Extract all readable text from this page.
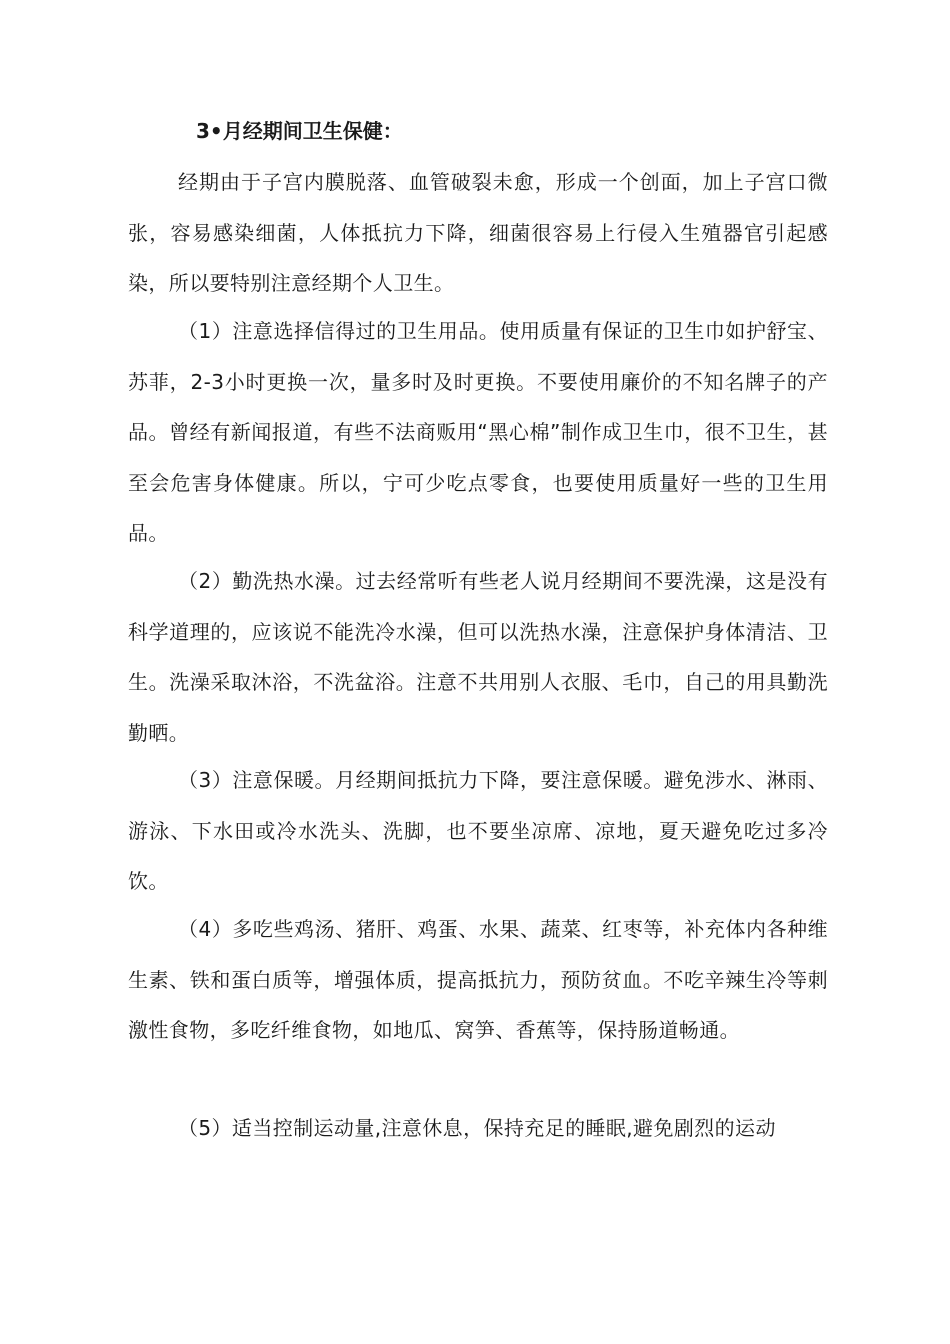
3•月经期间卫生保健：

经期由于子宫内膜脱落、血管破裂未愈，形成一个创面，加上子宫口微张，容易感染细菌，人体抵抗力下降，细菌很容易上行侵入生殖器官引起感染，所以要特别注意经期个人卫生。

（1）注意选择信得过的卫生用品。使用质量有保证的卫生巾如护舒宝、苏菲，2-3小时更换一次，量多时及时更换。不要使用廉价的不知名牌子的产品。曾经有新闻报道，有些不法商贩用“黑心棉”制作成卫生巾，很不卫生，甚至会危害身体健康。所以，宁可少吃点零食，也要使用质量好一些的卫生用品。

（2）勤洗热水澡。过去经常听有些老人说月经期间不要洗澡，这是没有科学道理的，应该说不能洗冷水澡，但可以洗热水澡，注意保护身体清洁、卫生。洗澡采取沐浴，不洗盆浴。注意不共用别人衣服、毛巾，自己的用具勤洗勤晒。

（3）注意保暖。月经期间抵抗力下降，要注意保暖。避免涉水、淋雨、游泳、下水田或冷水洗头、洗脚，也不要坐凉席、凉地，夏天避免吃过多冷饮。

（4）多吃些鸡汤、猪肝、鸡蛋、水果、蔬菜、红枣等，补充体内各种维生素、铁和蛋白质等，增强体质，提高抵抗力，预防贫血。不吃辛辣生冷等刺激性食物，多吃纤维食物，如地瓜、窝笋、香蕉等，保持肠道畅通。

（5）适当控制运动量,注意休息，保持充足的睡眠,避免剧烈的运动
